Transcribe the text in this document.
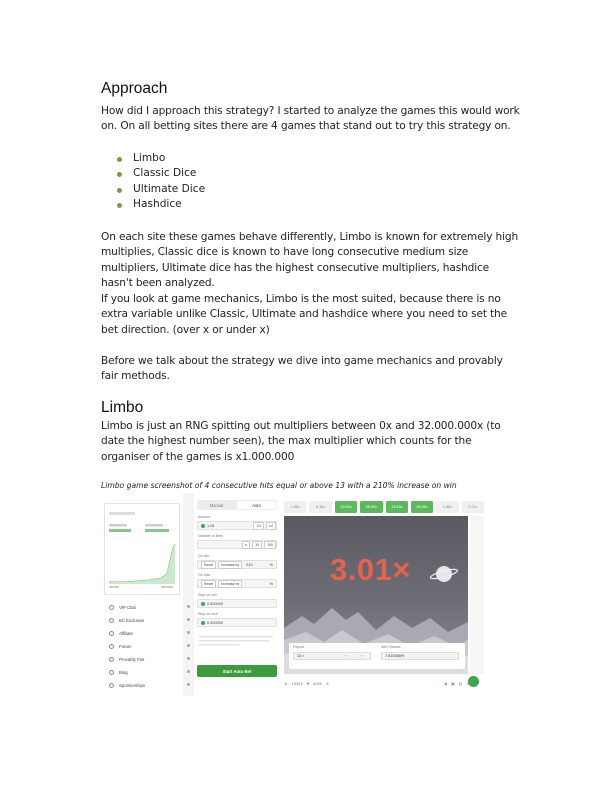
Approach

How did I approach this strategy? I started to analyze the games this would work on. On all betting sites there are 4 games that stand out to try this strategy on.

Limbo
Classic Dice
Ultimate Dice
Hashdice

On each site these games behave differently, Limbo is known for extremely high multiplies, Classic dice is known to have long consecutive medium size multipliers, Ultimate dice has the highest consecutive multipliers, hashdice hasn't been analyzed.

If you look at game mechanics, Limbo is the most suited, because there is no extra variable unlike Classic, Ultimate and hashdice where you need to set the bet direction. (over x or under x)

Before we talk about the strategy we dive into game mechanics and provably fair methods.

Limbo

Limbo is just an RNG spitting out multipliers between 0x and 32.000.000x (to date the highest number seen), the max multiplier which counts for the organiser of the games is x1.000.000

Limbo game screenshot of 4 consecutive hits equal or above 13 with a 210% increase on win
VIP Club
BC Exclusive
Affiliate
Forum
Provably Fair
Blog
Sponsorships
Manual	Auto
Amount
1.28	1/2	x2
Number of Bets
∞	10	100
On win
Reset	Increase by	210	%
On loss
Reset	Increase by	%
Stop on win
0.000000
Stop on lose
0.000000
Start Auto Bet
2.85x	8.35x	19.53x	36.53x	13.53x	28.65x	1.85x	3.01x
3.01×
Payout
13 ×	‹	›
Win Chance
7.615385%
★ 19345 ♥ 6290 ➤	◀ ▣ ▤
